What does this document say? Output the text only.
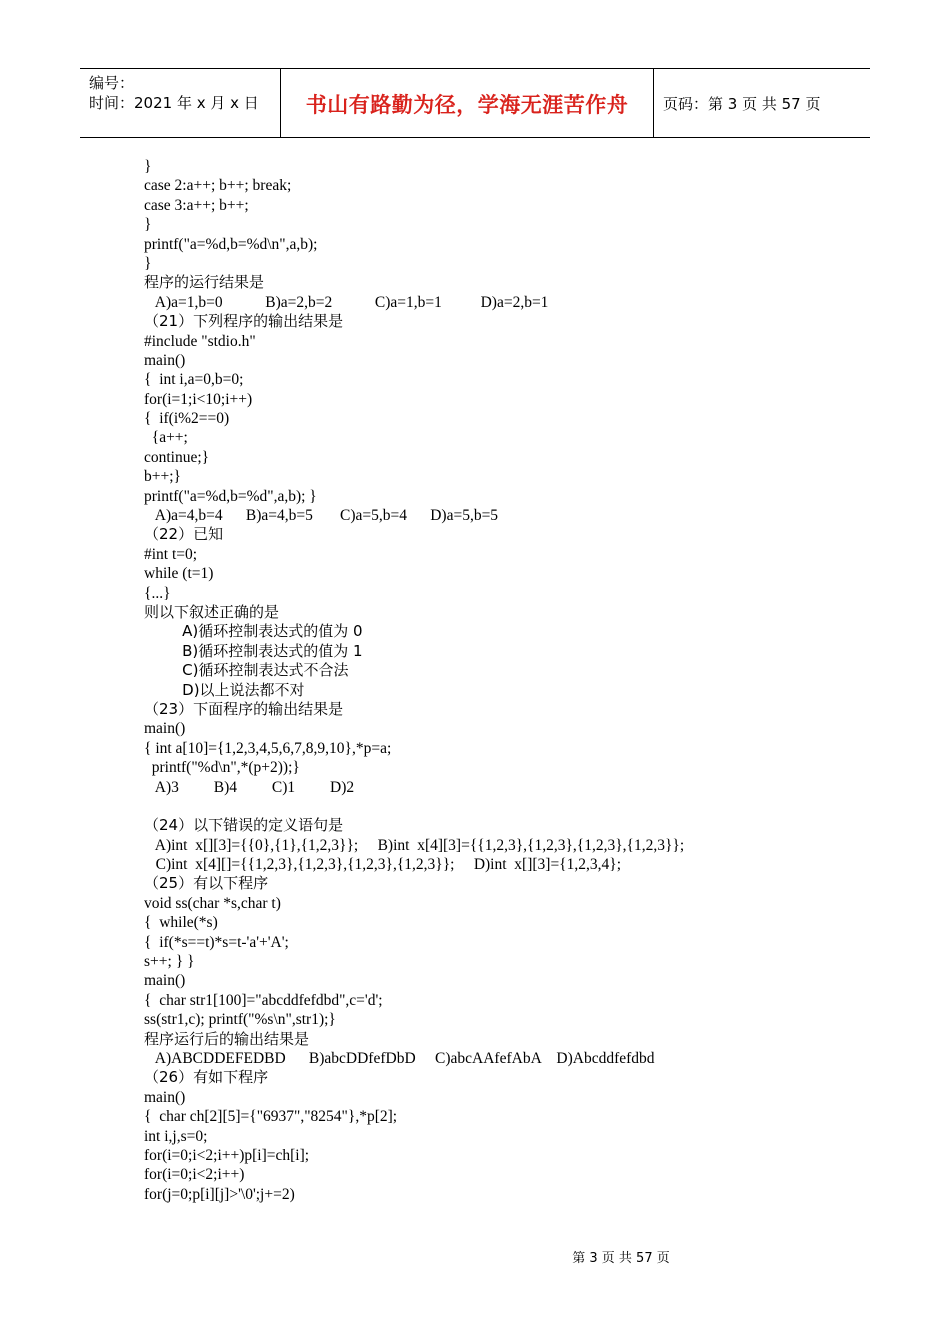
编号：
时间：2021 年 x 月 x 日	书山有路勤为径，学海无涯苦作舟	页码：第 3 页 共 57 页
}
case 2:a++; b++; break;
case 3:a++; b++;
}
printf("a=%d,b=%d\n",a,b);
}
程序的运行结果是
A)a=1,b=0           B)a=2,b=2           C)a=1,b=1          D)a=2,b=1
（21）下列程序的输出结果是
#include "stdio.h"
main()
{  int i,a=0,b=0;
for(i=1;i<10;i++)
{  if(i%2==0)
{a++;
continue;}
b++;}
printf("a=%d,b=%d",a,b); }
A)a=4,b=4      B)a=4,b=5       C)a=5,b=4      D)a=5,b=5
（22）已知
#int t=0;
while (t=1)
{...}
则以下叙述正确的是
A)循环控制表达式的值为 0
B)循环控制表达式的值为 1
C)循环控制表达式不合法
D)以上说法都不对
（23）下面程序的输出结果是
main()
{ int a[10]={1,2,3,4,5,6,7,8,9,10},*p=a;
printf("%d\n",*(p+2));}
A)3         B)4         C)1         D)2
（24）以下错误的定义语句是
A)int  x[][3]={{0},{1},{1,2,3}};     B)int  x[4][3]={{1,2,3},{1,2,3},{1,2,3},{1,2,3}};
C)int  x[4][]={{1,2,3},{1,2,3},{1,2,3},{1,2,3}};     D)int  x[][3]={1,2,3,4};
（25）有以下程序
void ss(char *s,char t)
{  while(*s)
{  if(*s==t)*s=t-'a'+'A';
s++; } }
main()
{  char str1[100]="abcddfefdbd",c='d';
ss(str1,c); printf("%s\n",str1);}
程序运行后的输出结果是
A)ABCDDEFEDBD      B)abcDDfefDbD     C)abcAAfefAbA    D)Abcddfefdbd
（26）有如下程序
main()
{  char ch[2][5]={"6937","8254"},*p[2];
int i,j,s=0;
for(i=0;i<2;i++)p[i]=ch[i];
for(i=0;i<2;i++)
for(j=0;p[i][j]>'\0';j+=2)
第 3 页 共 57 页
